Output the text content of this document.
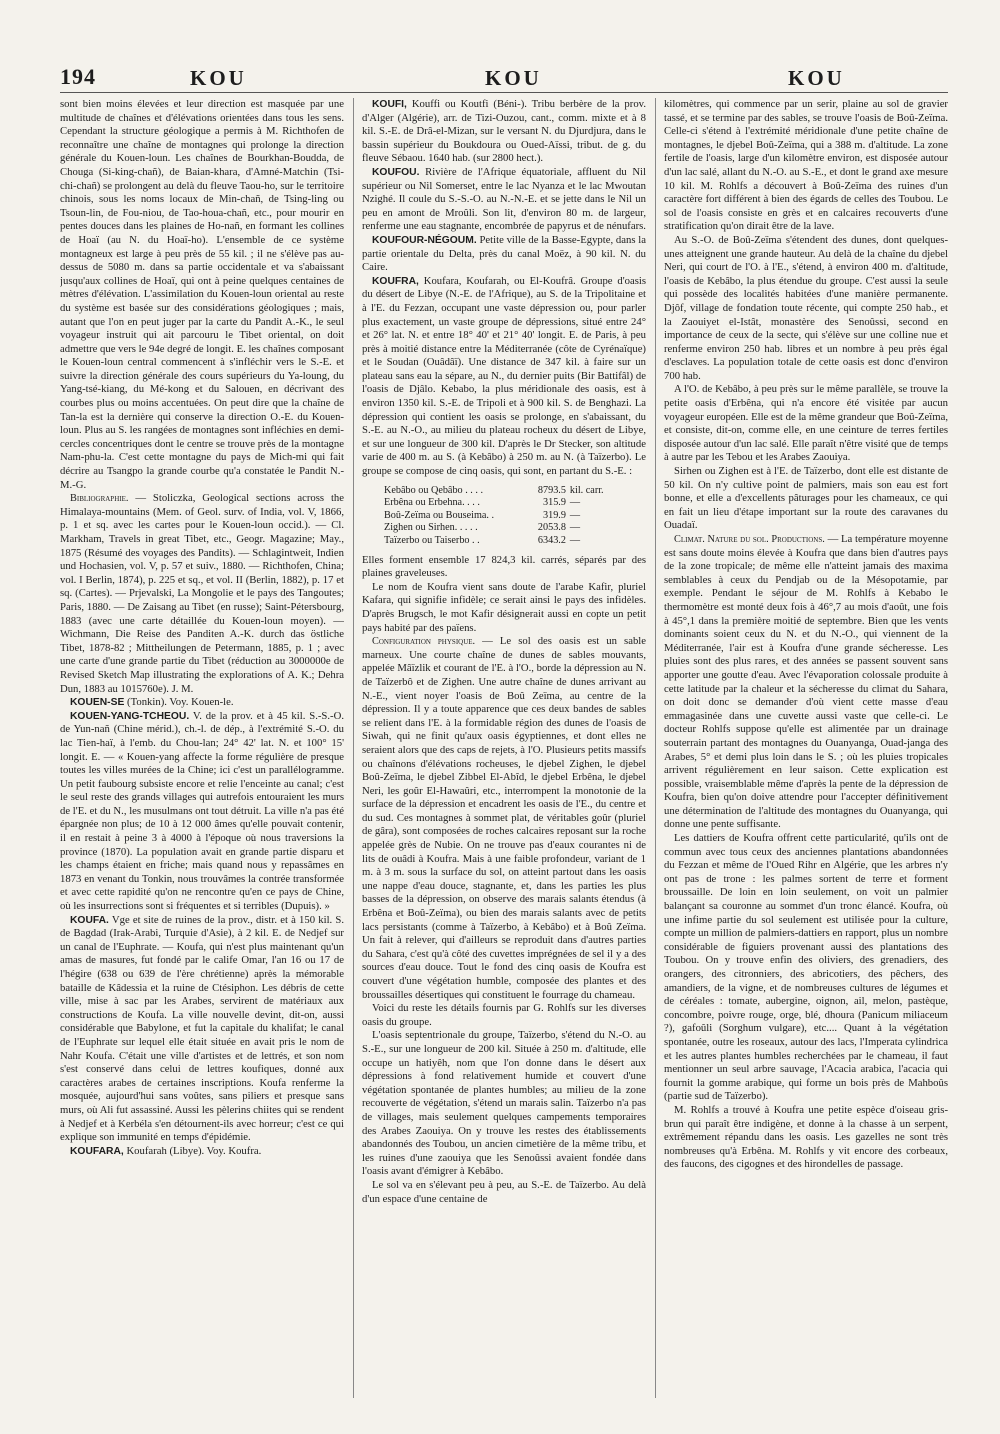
194	KOU	KOU	KOU

sont bien moins élevées et leur direction est masquée par une multitude de chaînes et d'élévations orientées dans tous les sens. Cependant la structure géologique a permis à M. Richthofen de reconnaître une chaîne de montagnes qui prolonge la direction générale du Kouen-loun. Les chaînes de Bourkhan-Boudda, de Chouga (Si-king-chañ), de Baian-khara, d'Amné-Matchin (Tsi-chi-chañ) se prolongent au delà du fleuve Taou-ho, sur le territoire chinois, sous les noms locaux de Min-chañ, de Tsing-ling ou Tsoun-lin, de Fou-niou, de Tao-houa-chañ, etc., pour mourir en pentes douces dans les plaines de Ho-nañ, en formant les collines de Hoaï (au N. du Hoaï-ho). L'ensemble de ce système montagneux est large à peu près de 55 kil. ; il ne s'élève pas au-dessus de 5080 m. dans sa partie occidentale et va s'abaissant jusqu'aux collines de Hoaï, qui ont à peine quelques centaines de mètres d'élévation. L'assimilation du Kouen-loun oriental au reste du système est basée sur des considérations géologiques ; mais, autant que l'on en peut juger par la carte du Pandit A.-K., le seul voyageur instruit qui ait parcouru le Tibet oriental, on doit admettre que vers le 94e degré de longit. E. les chaînes composant le Kouen-loun central commencent à s'infléchir vers le S.-E. et suivre la direction générale des cours supérieurs du Ya-loung, du Yang-tsé-kiang, du Mé-kong et du Salouen, en décrivant des courbes plus ou moins accentuées. On peut dire que la chaîne de Tan-la est la dernière qui conserve la direction O.-E. du Kouen-loun. Plus au S. les rangées de montagnes sont infléchies en demi-cercles concentriques dont le centre se trouve près de la montagne Nam-phu-la. C'est cette montagne du pays de Mich-mi qui fait décrire au Tsangpo la grande courbe qu'a constatée le Pandit N.-M.-G.

Bibliographie. — Stoliczka, Geological sections across the Himalaya-mountains (Mem. of Geol. surv. of India, vol. V, 1866, p. 1 et sq. avec les cartes pour le Kouen-loun occid.). — Cl. Markham, Travels in great Tibet, etc., Geogr. Magazine; May., 1875 (Résumé des voyages des Pandits). — Schlagintweit, Indien und Hochasien, vol. V, p. 57 et suiv., 1880. — Richthofen, China; vol. I Berlin, 1874), p. 225 et sq., et vol. II (Berlin, 1882), p. 17 et sq. (Cartes). — Prjevalski, La Mongolie et le pays des Tangoutes; Paris, 1880. — De Zaisang au Tibet (en russe); Saint-Pétersbourg, 1883 (avec une carte détaillée du Kouen-loun moyen). — Wichmann, Die Reise des Panditen A.-K. durch das östliche Tibet, 1878-82 ; Mittheilungen de Petermann, 1885, p. 1 ; avec une carte d'une grande partie du Tibet (réduction au 3000000e de Revised Sketch Map illustrating the explorations of A. K.; Dehra Dun, 1883 au 1015760e). J. M.

KOUEN-SE (Tonkin). Voy. Kouen-le.

KOUEN-YANG-TCHEOU. V. de la prov. et à 45 kil. S.-S.-O. de Yun-nañ (Chine mérid.), ch.-l. de dép., à l'extrémité S.-O. du lac Tien-haï, à l'emb. du Chou-lan; 24° 42' lat. N. et 100° 15' longit. E. — « Kouen-yang affecte la forme régulière de presque toutes les villes murées de la Chine; ici c'est un parallélogramme. Un petit faubourg subsiste encore et relie l'enceinte au canal; c'est le seul reste des grands villages qui autrefois entouraient les murs de l'E. et du N., les musulmans ont tout détruit. La ville n'a pas été épargnée non plus; de 10 à 12 000 âmes qu'elle pouvait contenir, il en restait à peine 3 à 4000 à l'époque où nous traversions la province (1870). La population avait en grande partie disparu et les champs étaient en friche; mais quand nous y repassâmes en 1873 en venant du Tonkin, nous trouvâmes la contrée transformée et avec cette rapidité qu'on ne rencontre qu'en ce pays de Chine, où les insurrections sont si fréquentes et si terribles (Dupuis). »

KOUFA. Vge et site de ruines de la prov., distr. et à 150 kil. S. de Bagdad (Irak-Arabi, Turquie d'Asie), à 2 kil. E. de Nedjef sur un canal de l'Euphrate. — Koufa, qui n'est plus maintenant qu'un amas de masures, fut fondé par le calife Omar, l'an 16 ou 17 de l'hégire (638 ou 639 de l'ère chrétienne) après la mémorable bataille de Kâdessia et la ruine de Ctésiphon. Les débris de cette ville, mise à sac par les Arabes, servirent de matériaux aux constructions de Koufa. La ville nouvelle devint, dit-on, aussi considérable que Babylone, et fut la capitale du khalifat; le canal de l'Euphrate sur lequel elle était située en avait pris le nom de Nahr Koufa. C'était une ville d'artistes et de lettrés, et son nom s'est conservé dans celui de lettres koufiques, donné aux caractères arabes de certaines inscriptions. Koufa renferme la mosquée, aujourd'hui sans voûtes, sans piliers et presque sans murs, où Ali fut assassiné. Aussi les pèlerins chiites qui se rendent à Nedjef et à Kerbéla s'en détournent-ils avec horreur; c'est ce qui explique son immunité en temps d'épidémie.

KOUFARA, Koufarah (Libye). Voy. Koufra.

KOUFI, Kouffi ou Koutfi (Béni-). Tribu berbère de la prov. d'Alger (Algérie), arr. de Tizi-Ouzou, cant., comm. mixte et à 8 kil. S.-E. de Drâ-el-Mizan, sur le versant N. du Djurdjura, dans le bassin supérieur du Boukdoura ou Oued-Aïssi, tribut. de g. du fleuve Sébaou. 1640 hab. (sur 2800 hect.).

KOUFOU. Rivière de l'Afrique équatoriale, affluent du Nil supérieur ou Nil Somerset, entre le lac Nyanza et le lac Mwoutan Nzighé. Il coule du S.-S.-O. au N.-N.-E. et se jette dans le Nil un peu en amont de Mroûli. Son lit, d'environ 80 m. de largeur, renferme une eau stagnante, encombrée de papyrus et de nénufars.

KOUFOUR-NÉGOUM. Petite ville de la Basse-Egypte, dans la partie orientale du Delta, près du canal Moëz, à 90 kil. N. du Caire.

KOUFRA, Koufara, Koufarah, ou El-Koufrâ. Groupe d'oasis du désert de Libye (N.-E. de l'Afrique), au S. de la Tripolitaine et à l'E. du Fezzan, occupant une vaste dépression ou, pour parler plus exactement, un vaste groupe de dépressions, situé entre 24° et 26° lat. N. et entre 18° 40' et 21° 40' longit. E. de Paris, à peu près à moitié distance entre la Méditerranée (côte de Cyrénaïque) et le Soudan (Ouâdâï). Une distance de 347 kil. à faire sur un plateau sans eau la sépare, au N., du dernier puits (Bir Battifâl) de l'oasis de Djâlo. Kebabo, la plus méridionale des oasis, est à environ 1350 kil. S.-E. de Tripoli et à 900 kil. S. de Benghazi. La dépression qui contient les oasis se prolonge, en s'abaissant, du S.-E. au N.-O., au milieu du plateau rocheux du désert de Libye, et sur une longueur de 300 kil. D'après le Dr Stecker, son altitude varie de 400 m. au S. (à Kebâbo) à 250 m. au N. (à Taïzerbo). Le groupe se compose de cinq oasis, qui sont, en partant du S.-E. :

Kebâbo ou Qebâbo . . . .	8793.5	kil. carr.
Erbêna ou Erbehna. . . .	315.9	—
Boû-Zeïma ou Bouseima. .	319.9	—
Zighen ou Sirhen. . . . .	2053.8	—
Taïzerbo ou Taiserbo . .	6343.2	—

Elles forment ensemble 17 824,3 kil. carrés, séparés par des plaines graveleuses.

Le nom de Koufra vient sans doute de l'arabe Kafir, pluriel Kafara, qui signifie infidèle; ce serait ainsi le pays des infidèles. D'après Brugsch, le mot Kafir désignerait aussi en copte un petit pays habité par des païens.

Configuration physique. — Le sol des oasis est un sable marneux. Une courte chaîne de dunes de sables mouvants, appelée Mâïzlik et courant de l'E. à l'O., borde la dépression au N. de Taïzerbô et de Zighen. Une autre chaîne de dunes arrivant au N.-E., vient noyer l'oasis de Boû Zeïma, au centre de la dépression. Il y a toute apparence que ces deux bandes de sables se relient dans l'E. à la formidable région des dunes de l'oasis de Siwah, qui ne finit qu'aux oasis égyptiennes, et dont elles ne seraient alors que des caps de rejets, à l'O. Plusieurs petits massifs ou chaînons d'élévations rocheuses, le djebel Zighen, le djebel Boû-Zeïma, le djebel Zibbel El-Abîd, le djebel Erbêna, le djebel Neri, les goûr El-Hawaûri, etc., interrompent la monotonie de la surface de la dépression et encadrent les oasis de l'E., du centre et du sud. Ces montagnes à sommet plat, de véritables goûr (pluriel de gâra), sont composées de roches calcaires reposant sur la roche appelée grès de Nubie. On ne trouve pas d'eaux courantes ni de lits de ouâdi à Koufra. Mais à une faible profondeur, variant de 1 m. à 3 m. sous la surface du sol, on atteint partout dans les oasis une nappe d'eau douce, stagnante, et, dans les parties les plus basses de la dépression, on observe des marais salants étendus (à Erbêna et Boû-Zeïma), ou bien des marais salants avec de petits lacs persistants (comme à Taïzerbo, à Kebâbo) et à Boû Zeïma. Un fait à relever, qui d'ailleurs se reproduit dans d'autres parties du Sahara, c'est qu'à côté des cuvettes imprégnées de sel il y a des sources d'eau douce. Tout le fond des cinq oasis de Koufra est couvert d'une végétation humble, composée des plantes et des broussailles désertiques qui constituent le fourrage du chameau.

Voici du reste les détails fournis par G. Rohlfs sur les diverses oasis du groupe.

L'oasis septentrionale du groupe, Taïzerbo, s'étend du N.-O. au S.-E., sur une longueur de 200 kil. Située à 250 m. d'altitude, elle occupe un hatiyêh, nom que l'on donne dans le désert aux dépressions à fond relativement humide et couvert d'une végétation spontanée de plantes humbles; au milieu de la zone recouverte de végétation, s'étend un marais salin. Taïzerbo n'a pas de villages, mais seulement quelques campements temporaires des Arabes Zaouiya. On y trouve les restes des établissements abandonnés des Toubou, un ancien cimetière de la même tribu, et les ruines d'une zaouiya que les Senoûssi avaient fondée dans l'oasis avant d'émigrer à Kebâbo.

Le sol va en s'élevant peu à peu, au S.-E. de Taïzerbo. Au delà d'un espace d'une centaine de

kilomètres, qui commence par un serir, plaine au sol de gravier tassé, et se termine par des sables, se trouve l'oasis de Boû-Zeïma. Celle-ci s'étend à l'extrémité méridionale d'une petite chaîne de montagnes, le djebel Boû-Zeïma, qui a 388 m. d'altitude. La zone fertile de l'oasis, large d'un kilomètre environ, est disposée autour d'un lac salé, allant du N.-O. au S.-E., et dont le grand axe mesure 10 kil. M. Rohlfs a découvert à Boû-Zeïma des ruines d'un caractère fort différent à bien des égards de celles des Toubou. Le sol de l'oasis consiste en grès et en calcaires recouverts d'une stratification qu'on dirait être de la lave.

Au S.-O. de Boû-Zeïma s'étendent des dunes, dont quelques-unes atteignent une grande hauteur. Au delà de la chaîne du djebel Neri, qui court de l'O. à l'E., s'étend, à environ 400 m. d'altitude, l'oasis de Kebâbo, la plus étendue du groupe. C'est aussi la seule qui possède des localités habitées d'une manière permanente. Djôf, village de fondation toute récente, qui compte 250 hab., et la Zaouiyet el-Istât, monastère des Senoûssi, second en importance de ceux de la secte, qui s'élève sur une colline nue et renferme environ 250 hab. libres et un nombre à peu près égal d'esclaves. La population totale de cette oasis est donc d'environ 700 hab.

A l'O. de Kebâbo, à peu près sur le même parallèle, se trouve la petite oasis d'Erbêna, qui n'a encore été visitée par aucun voyageur européen. Elle est de la même grandeur que Boû-Zeïma, et consiste, dit-on, comme elle, en une ceinture de terres fertiles disposée autour d'un lac salé. Elle paraît n'être visité que de temps à autre par les Tebou et les Arabes Zaouiya.

Sirhen ou Zighen est à l'E. de Taïzerbo, dont elle est distante de 50 kil. On n'y cultive point de palmiers, mais son eau est fort bonne, et elle a d'excellents pâturages pour les chameaux, ce qui en fait un lieu d'étape important sur la route des caravanes du Ouadaï.

Climat. Nature du sol. Productions. — La température moyenne est sans doute moins élevée à Koufra que dans bien d'autres pays de la zone tropicale; de même elle n'atteint jamais des maxima semblables à ceux du Pendjab ou de la Mésopotamie, par exemple. Pendant le séjour de M. Rohlfs à Kebabo le thermomètre est monté deux fois à 46°,7 au mois d'août, une fois à 45°,1 dans la première moitié de septembre. Bien que les vents dominants soient ceux du N. et du N.-O., qui viennent de la Méditerranée, l'air est à Koufra d'une grande sécheresse. Les pluies sont des plus rares, et des années se passent souvent sans apporter une goutte d'eau. Avec l'évaporation colossale produite à cette latitude par la chaleur et la sécheresse du climat du Sahara, on doit donc se demander d'où vient cette masse d'eau emmagasinée dans une cuvette aussi vaste que celle-ci. Le docteur Rohlfs suppose qu'elle est alimentée par un drainage souterrain partant des montagnes du Ouanyanga, Ouad-janga des Arabes, 5° et demi plus loin dans le S. ; où les pluies tropicales arrivent régulièrement en leur saison. Cette explication est possible, vraisemblable même d'après la pente de la dépression de Koufra, bien qu'on doive attendre pour l'accepter définitivement une détermination de l'altitude des montagnes du Ouanyanga, qui donne une pente suffisante.

Les dattiers de Koufra offrent cette particularité, qu'ils ont de commun avec tous ceux des anciennes plantations abandonnées du Fezzan et même de l'Oued Rihr en Algérie, que les arbres n'y ont pas de trone : les palmes sortent de terre et forment broussaille. De loin en loin seulement, on voit un palmier balançant sa couronne au sommet d'un tronc élancé. Koufra, où une infime partie du sol seulement est utilisée pour la culture, compte un million de palmiers-dattiers en rapport, plus un nombre considérable de figuiers provenant aussi des plantations des Toubou. On y trouve enfin des oliviers, des grenadiers, des orangers, des citronniers, des abricotiers, des pêchers, des amandiers, de la vigne, et de nombreuses cultures de légumes et de céréales : tomate, aubergine, oignon, ail, melon, pastèque, concombre, poivre rouge, orge, blé, dhoura (Panicum miliaceum ?), gafoûli (Sorghum vulgare), etc.... Quant à la végétation spontanée, outre les roseaux, autour des lacs, l'Imperata cylindrica et les autres plantes humbles recherchées par le chameau, il faut mentionner un seul arbre sauvage, l'Acacia arabica, l'acacia qui fournit la gomme arabique, qui forme un bois près de Mahboûs (partie sud de Taïzerbo).

M. Rohlfs a trouvé à Koufra une petite espèce d'oiseau gris-brun qui paraît être indigène, et donne à la chasse à un serpent, extrêmement répandu dans les oasis. Les gazelles ne sont très nombreuses qu'à Erbêna. M. Rohlfs y vit encore des corbeaux, des faucons, des cigognes et des hirondelles de passage.
